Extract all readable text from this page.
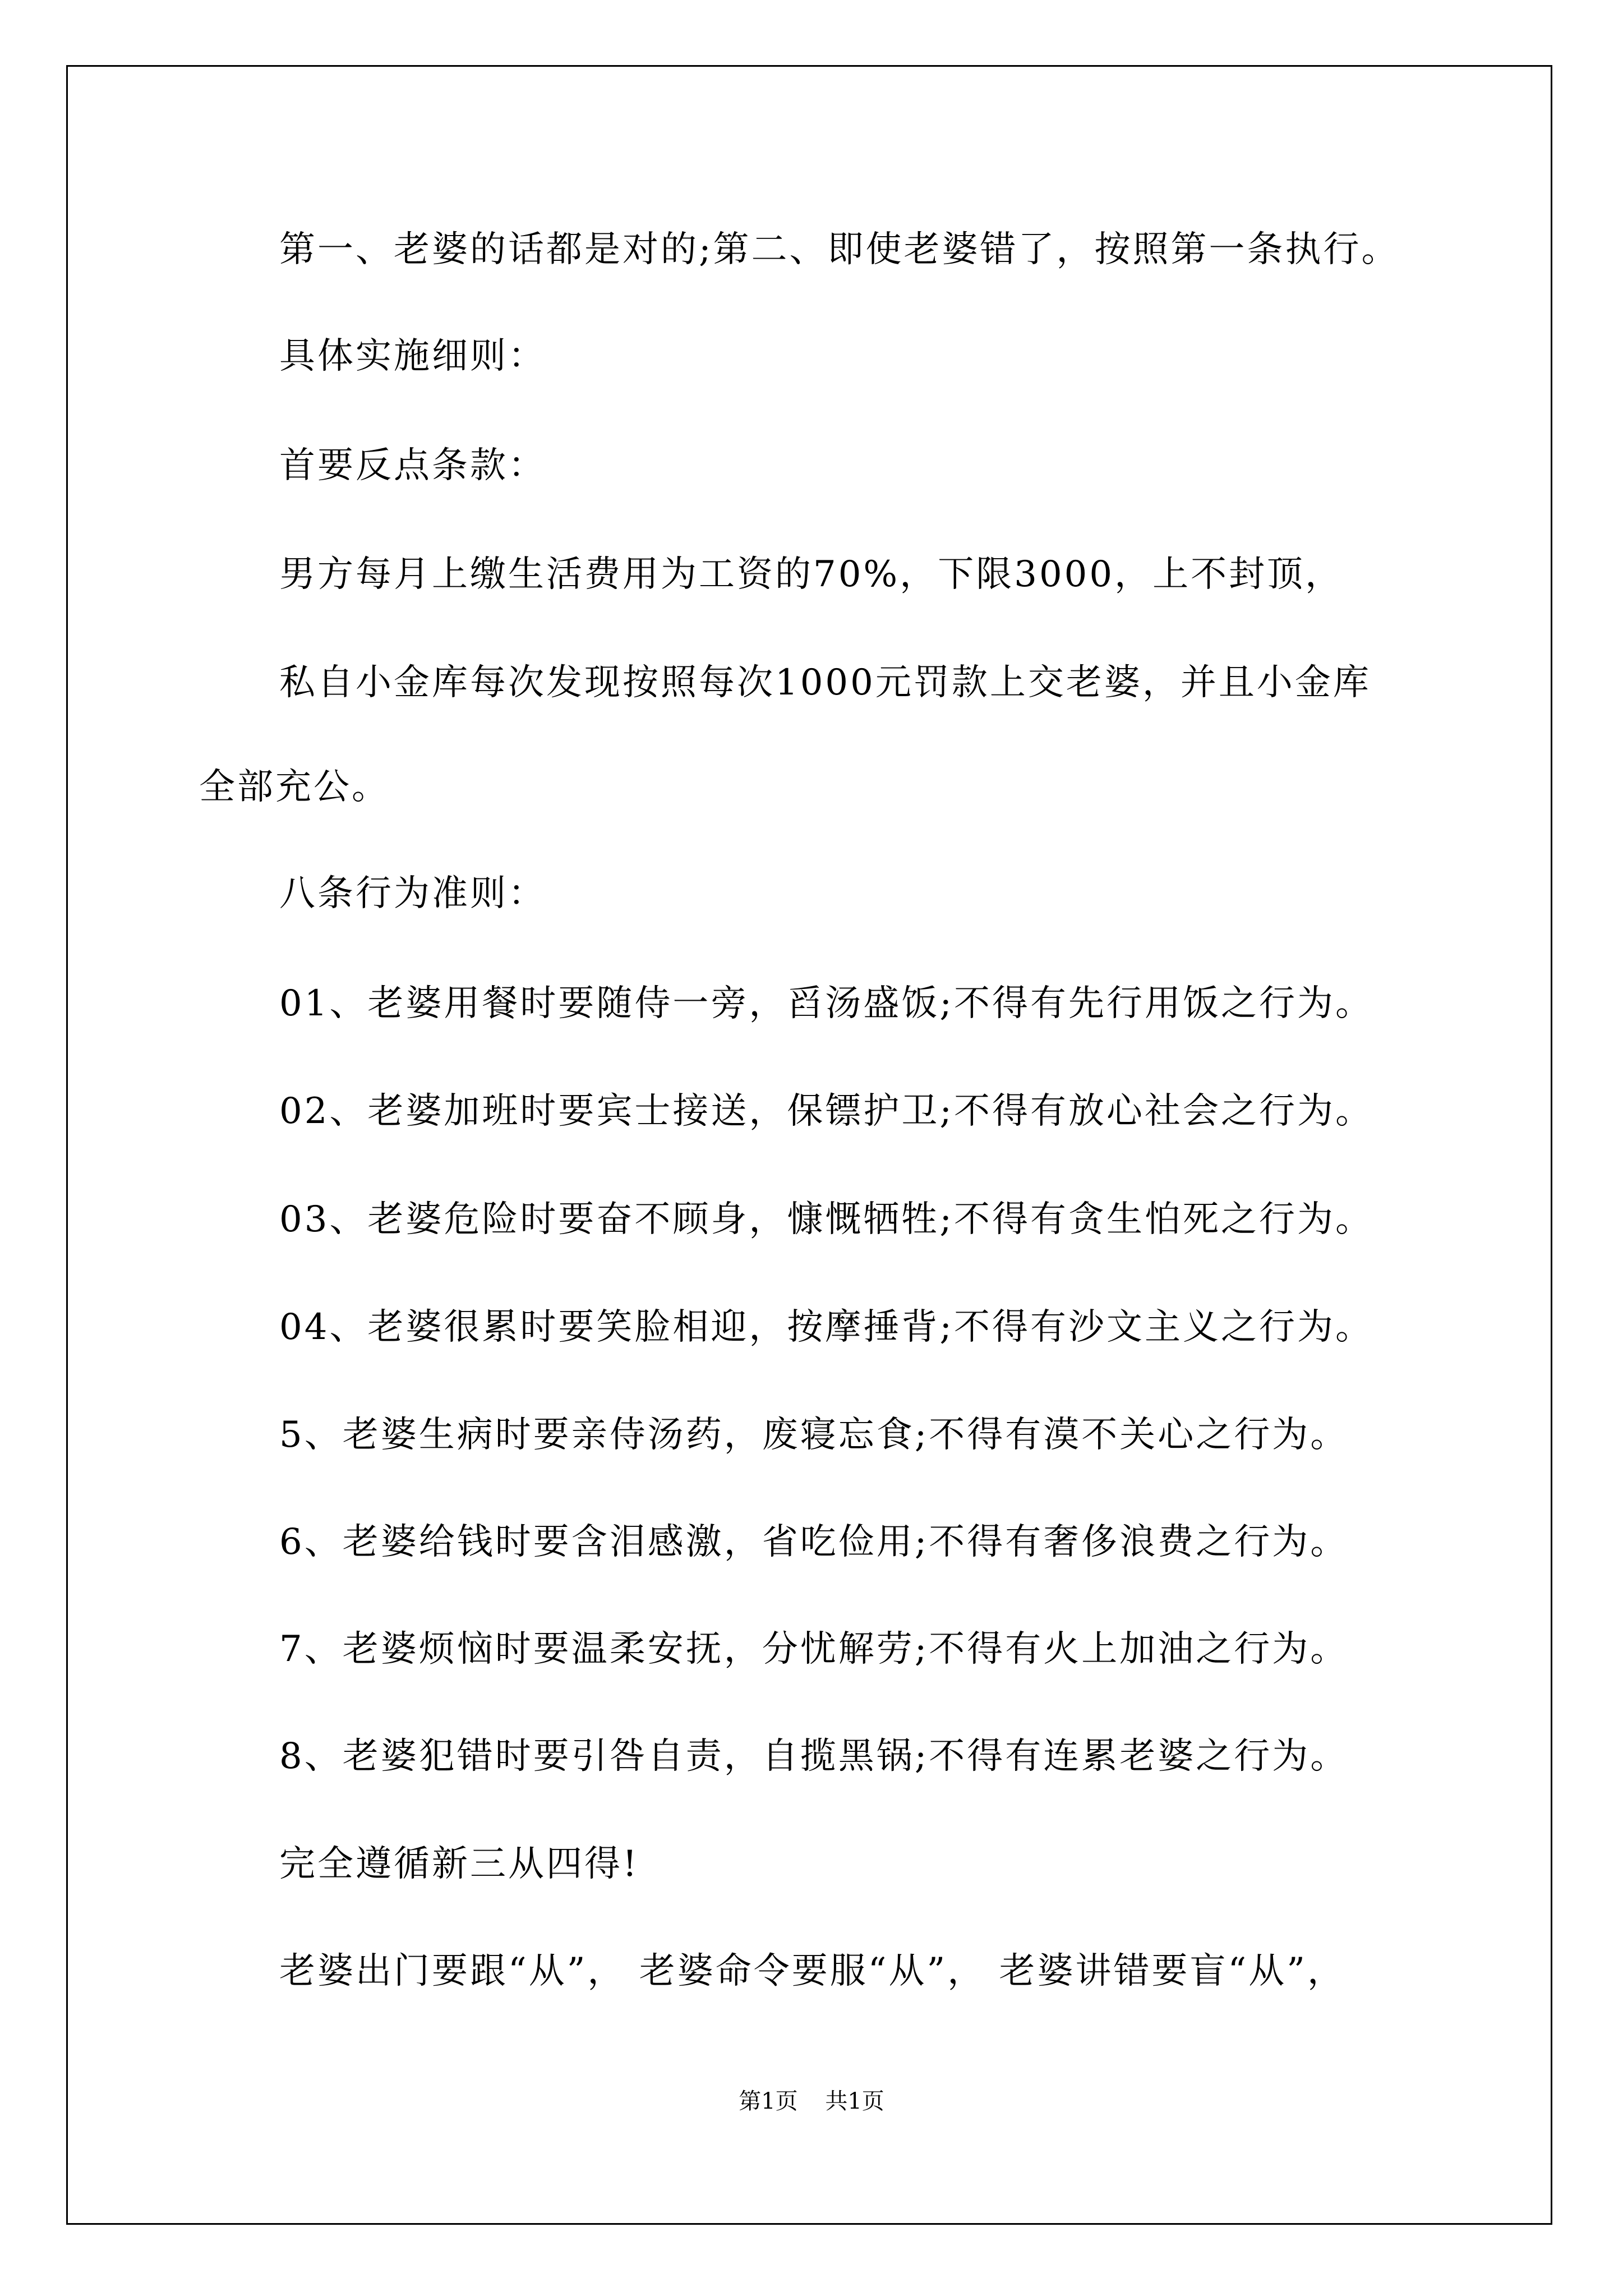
第一、老婆的话都是对的;第二、即使老婆错了，按照第一条执行。

具体实施细则：

首要反点条款：

男方每月上缴生活费用为工资的70%，下限3000，上不封顶，

私自小金库每次发现按照每次1000元罚款上交老婆，并且小金库

全部充公。

八条行为准则：

01、老婆用餐时要随侍一旁，舀汤盛饭;不得有先行用饭之行为。

02、老婆加班时要宾士接送，保镖护卫;不得有放心社会之行为。

03、老婆危险时要奋不顾身，慷慨牺牲;不得有贪生怕死之行为。

04、老婆很累时要笑脸相迎，按摩捶背;不得有沙文主义之行为。

5、老婆生病时要亲侍汤药，废寝忘食;不得有漠不关心之行为。

6、老婆给钱时要含泪感激，省吃俭用;不得有奢侈浪费之行为。

7、老婆烦恼时要温柔安抚，分忧解劳;不得有火上加油之行为。

8、老婆犯错时要引咎自责，自揽黑锅;不得有连累老婆之行为。

完全遵循新三从四得!

老婆出门要跟“从”， 老婆命令要服“从”， 老婆讲错要盲“从”，

第1页 共1页
